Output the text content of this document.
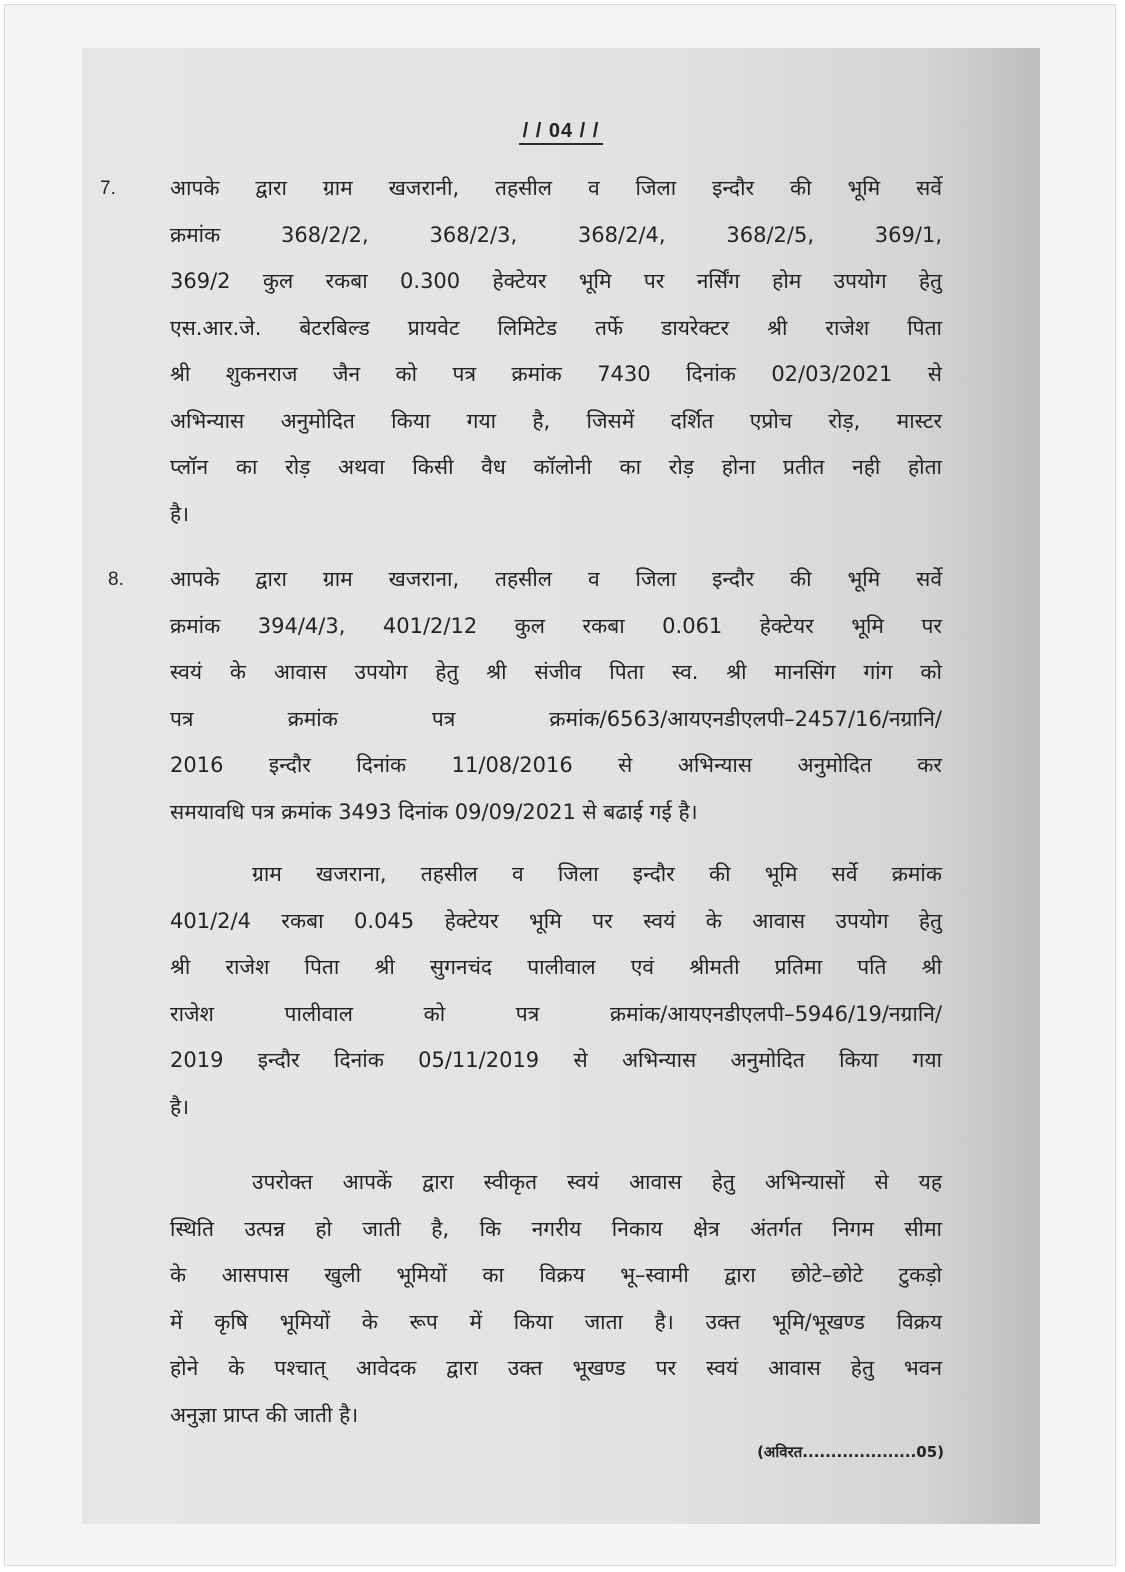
/ / 04 / /
7.	आपके द्वारा ग्राम खजरानी, तहसील व जिला इन्दौर की भूमि सर्वे
क्रमांक 368/2/2, 368/2/3, 368/2/4, 368/2/5, 369/1,
369/2 कुल रकबा 0.300 हेक्टेयर भूमि पर नर्सिंग होम उपयोग हेतु
एस.आर.जे. बेटरबिल्ड प्रायवेट लिमिटेड तर्फे डायरेक्टर श्री राजेश पिता
श्री शुकनराज जैन को पत्र क्रमांक 7430 दिनांक 02/03/2021 से
अभिन्यास अनुमोदित किया गया है, जिसमें दर्शित एप्रोच रोड़, मास्टर
प्लॉन का रोड़ अथवा किसी वैध कॉलोनी का रोड़ होना प्रतीत नही होता
है।
8. आपके द्वारा ग्राम खजराना, तहसील व जिला इन्दौर की भूमि सर्वे
क्रमांक 394/4/3, 401/2/12 कुल रकबा 0.061 हेक्टेयर भूमि पर
स्वयं के आवास उपयोग हेतु श्री संजीव पिता स्व. श्री मानसिंग गांग को
पत्र क्रमांक पत्र क्रमांक/6563/आयएनडीएलपी–2457/16/नग्रानि/
2016 इन्दौर दिनांक 11/08/2016 से अभिन्यास अनुमोदित कर
समयावधि पत्र क्रमांक 3493 दिनांक 09/09/2021 से बढाई गई है।
ग्राम खजराना, तहसील व जिला इन्दौर की भूमि सर्वे क्रमांक
401/2/4 रकबा 0.045 हेक्टेयर भूमि पर स्वयं के आवास उपयोग हेतु
श्री राजेश पिता श्री सुगनचंद पालीवाल एवं श्रीमती प्रतिमा पति श्री
राजेश पालीवाल को पत्र क्रमांक/आयएनडीएलपी–5946/19/नग्रानि/
2019 इन्दौर दिनांक 05/11/2019 से अभिन्यास अनुमोदित किया गया
है।
उपरोक्त आपकें द्वारा स्वीकृत स्वयं आवास हेतु अभिन्यासों से यह
स्थिति उत्पन्न हो जाती है, कि नगरीय निकाय क्षेत्र अंतर्गत निगम सीमा
के आसपास खुली भूमियों का विक्रय भू–स्वामी द्वारा छोटे–छोटे टुकड़ो
में कृषि भूमियों के रूप में किया जाता है। उक्त भूमि/भूखण्ड विक्रय
होने के पश्चात् आवेदक द्वारा उक्त भूखण्ड पर स्वयं आवास हेतु भवन
अनुज्ञा प्राप्त की जाती है।
(अविरत....................05)
